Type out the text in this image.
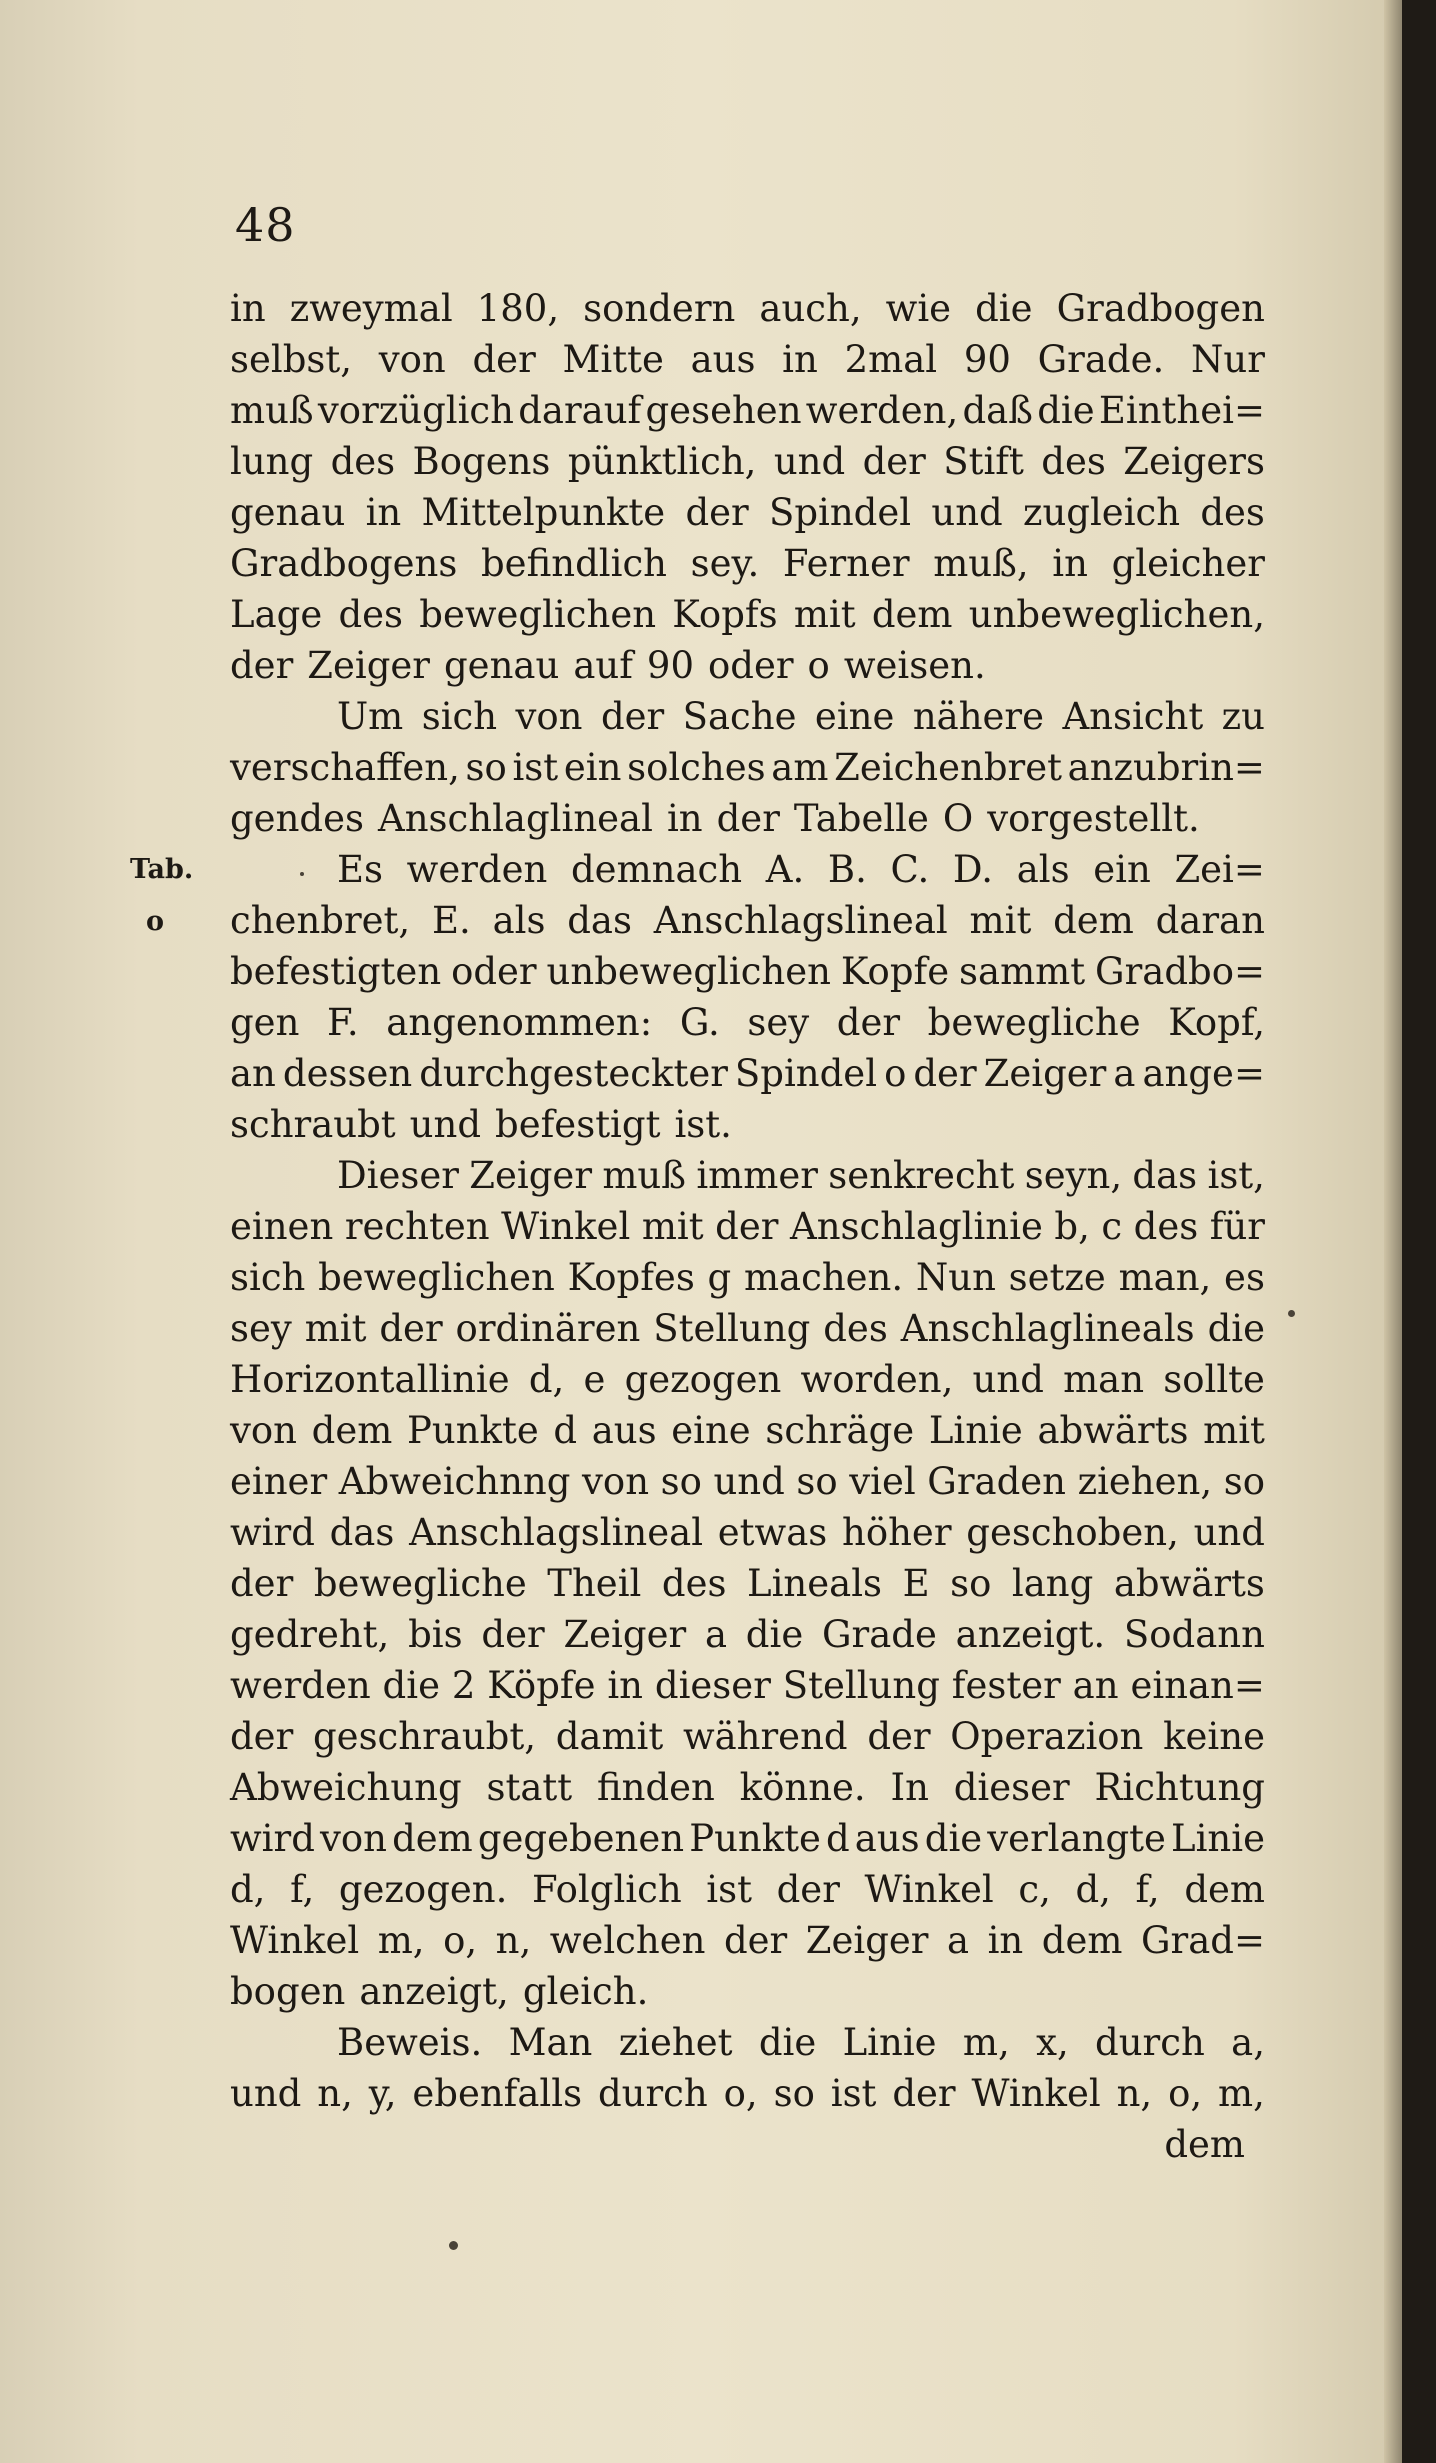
48
Tab.
o
in zweymal 180, sondern auch, wie die Gradbogen
selbst, von der Mitte aus in 2mal 90 Grade. Nur
muß vorzüglich darauf gesehen werden, daß die Einthei=
lung des Bogens pünktlich, und der Stift des Zeigers
genau in Mittelpunkte der Spindel und zugleich des
Gradbogens befindlich sey. Ferner muß, in gleicher
Lage des beweglichen Kopfs mit dem unbeweglichen,
der Zeiger genau auf 90 oder o weisen.
Um sich von der Sache eine nähere Ansicht zu
verschaffen, so ist ein solches am Zeichenbret anzubrin=
gendes Anschlaglineal in der Tabelle O vorgestellt.
Es werden demnach A. B. C. D. als ein Zei=
chenbret, E. als das Anschlagslineal mit dem daran
befestigten oder unbeweglichen Kopfe sammt Gradbo=
gen F. angenommen: G. sey der bewegliche Kopf,
an dessen durchgesteckter Spindel o der Zeiger a ange=
schraubt und befestigt ist.
Dieser Zeiger muß immer senkrecht seyn, das ist,
einen rechten Winkel mit der Anschlaglinie b, c des für
sich beweglichen Kopfes g machen. Nun setze man, es
sey mit der ordinären Stellung des Anschlaglineals die
Horizontallinie d, e gezogen worden, und man sollte
von dem Punkte d aus eine schräge Linie abwärts mit
einer Abweichnng von so und so viel Graden ziehen, so
wird das Anschlagslineal etwas höher geschoben, und
der bewegliche Theil des Lineals E so lang abwärts
gedreht, bis der Zeiger a die Grade anzeigt. Sodann
werden die 2 Köpfe in dieser Stellung fester an einan=
der geschraubt, damit während der Operazion keine
Abweichung statt finden könne. In dieser Richtung
wird von dem gegebenen Punkte d aus die verlangte Linie
d, f, gezogen. Folglich ist der Winkel c, d, f, dem
Winkel m, o, n, welchen der Zeiger a in dem Grad=
bogen anzeigt, gleich.
Beweis. Man ziehet die Linie m, x, durch a,
und n, y, ebenfalls durch o, so ist der Winkel n, o, m,
dem
